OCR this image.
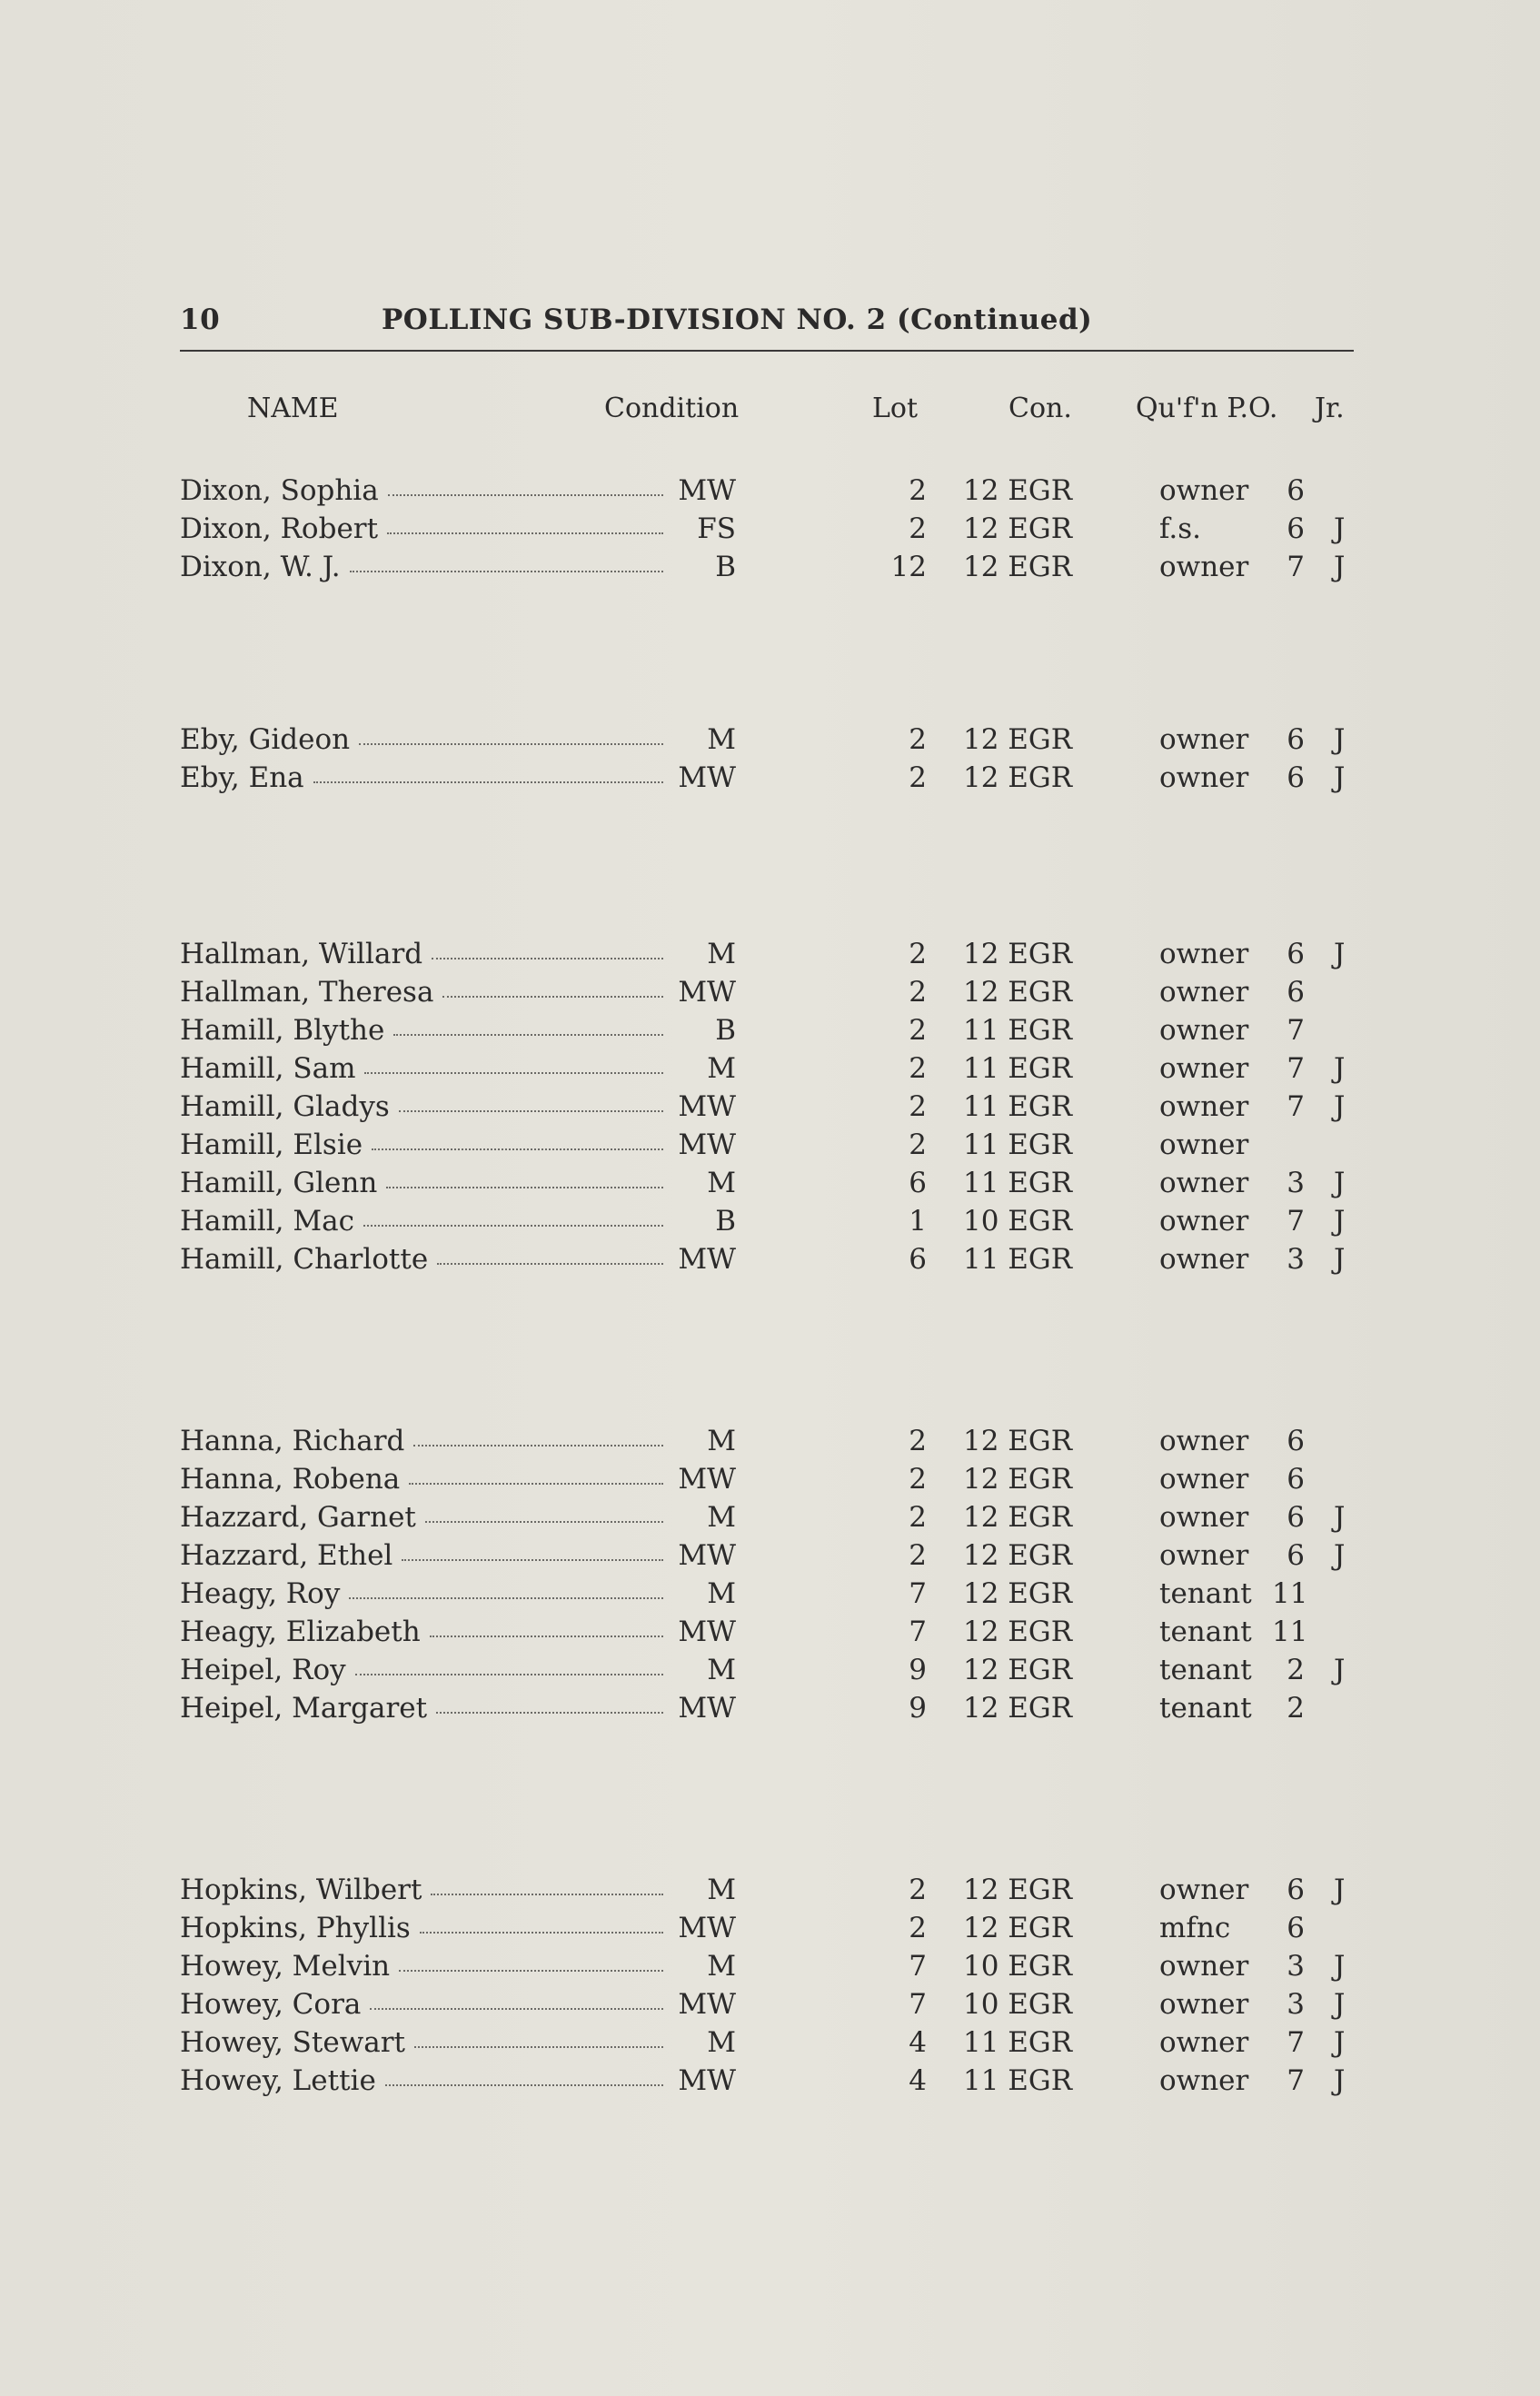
10	POLLING SUB-DIVISION NO. 2 (Continued)
NAME	Condition	Lot	Con. Qu'f'n P.O. Jr.
Dixon, Sophia	MW	2 12 EGR	owner	6
Dixon, Robert	FS	2 12 EGR	f.s.	6 J
Dixon, W. J.	B	12 12 EGR	owner	7 J
Eby, Gideon	M	2 12 EGR	owner	6 J
Eby, Ena	MW	2 12 EGR	owner	6 J
Hallman, Willard	M	2 12 EGR	owner	6 J
Hallman, Theresa	MW	2 12 EGR	owner	6
Hamill, Blythe	B	2 11 EGR	owner	7
Hamill, Sam	M	2 11 EGR	owner	7 J
Hamill, Gladys	MW	2 11 EGR	owner	7 J
Hamill, Elsie	MW	2 11 EGR	owner
Hamill, Glenn	M	6 11 EGR	owner	3 J
Hamill, Mac	B	1 10 EGR	owner	7 J
Hamill, Charlotte	MW	6 11 EGR	owner	3 J
Hanna, Richard	M	2 12 EGR	owner	6
Hanna, Robena	MW	2 12 EGR	owner	6
Hazzard, Garnet	M	2 12 EGR	owner	6 J
Hazzard, Ethel	MW	2 12 EGR	owner	6 J
Heagy, Roy	M	7 12 EGR	tenant 11
Heagy, Elizabeth	MW	7 12 EGR	tenant 11
Heipel, Roy	M	9 12 EGR	tenant	2 J
Heipel, Margaret	MW	9 12 EGR	tenant	2
Hopkins, Wilbert	M	2 12 EGR	owner	6 J
Hopkins, Phyllis	MW	2 12 EGR	mfnc	6
Howey, Melvin	M	7 10 EGR	owner	3 J
Howey, Cora	MW	7 10 EGR	owner	3 J
Howey, Stewart	M	4 11 EGR	owner	7 J
Howey, Lettie	MW	4 11 EGR	owner	7 J
